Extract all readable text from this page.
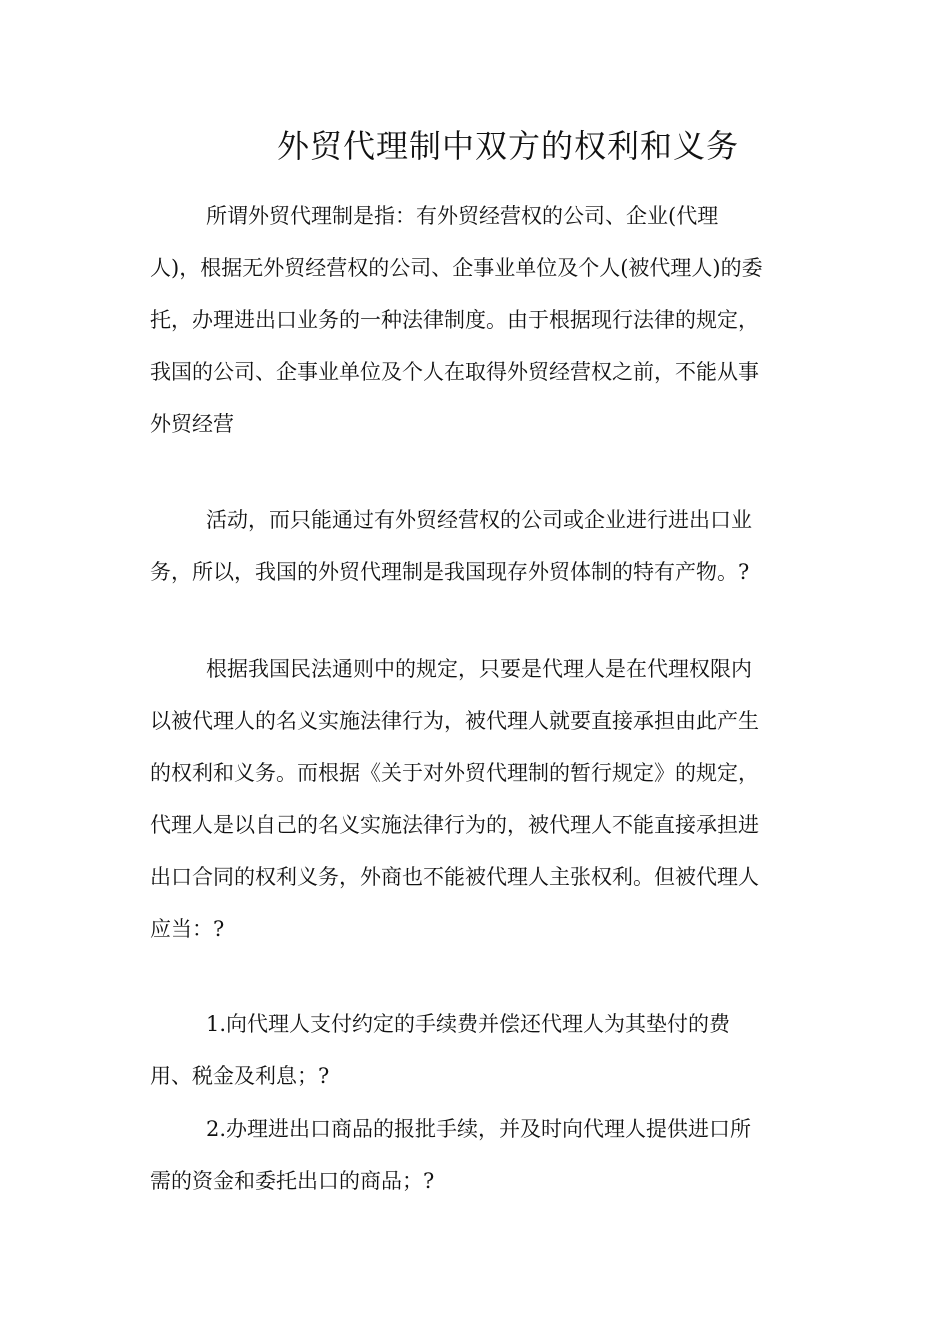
外贸代理制中双方的权利和义务
所谓外贸代理制是指：有外贸经营权的公司、企业(代理
人)，根据无外贸经营权的公司、企事业单位及个人(被代理人)的委
托，办理进出口业务的一种法律制度。由于根据现行法律的规定，
我国的公司、企事业单位及个人在取得外贸经营权之前，不能从事
外贸经营
活动，而只能通过有外贸经营权的公司或企业进行进出口业
务，所以，我国的外贸代理制是我国现存外贸体制的特有产物。?
根据我国民法通则中的规定，只要是代理人是在代理权限内
以被代理人的名义实施法律行为，被代理人就要直接承担由此产生
的权利和义务。而根据《关于对外贸代理制的暂行规定》的规定，
代理人是以自己的名义实施法律行为的，被代理人不能直接承担进
出口合同的权利义务，外商也不能被代理人主张权利。但被代理人
应当：?
1.向代理人支付约定的手续费并偿还代理人为其垫付的费
用、税金及利息；?
2.办理进出口商品的报批手续，并及时向代理人提供进口所
需的资金和委托出口的商品；?
